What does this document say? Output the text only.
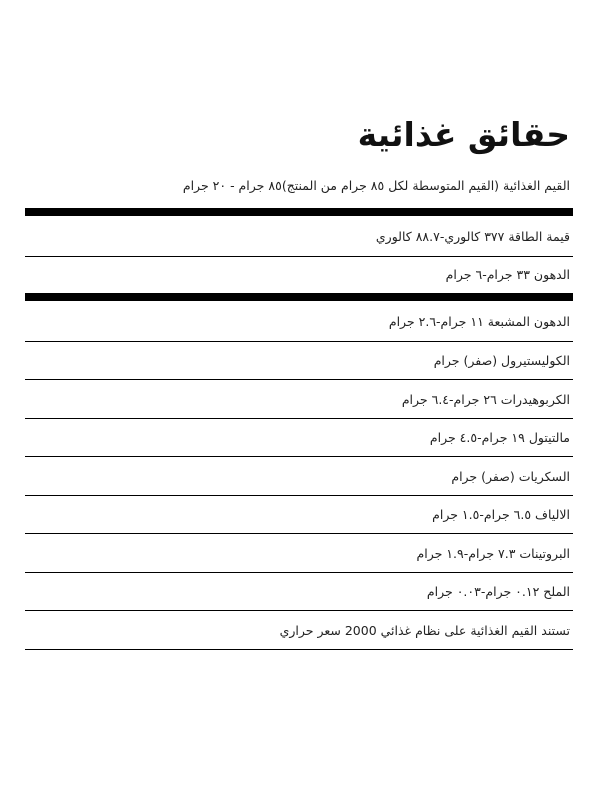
حقائق غذائية
القيم الغذائية (القيم المتوسطة لكل ٨٥ جرام من المنتج)٨٥ جرام - ٢٠ جرام
قيمة الطاقة ٣٧٧ كالوري-٨٨.٧ كالوري
الدهون ٣٣ جرام-٦ جرام
الدهون المشبعة ١١ جرام-٢.٦ جرام
الكوليستيرول (صفر) جرام
الكربوهيدرات ٢٦ جرام-٦.٤ جرام
مالتيتول ١٩ جرام-٤.٥ جرام
السكريات (صفر) جرام
الالياف ٦.٥ جرام-١.٥ جرام
البروتينات ٧.٣ جرام-١.٩ جرام
الملح ٠.١٢ جرام-٠.٠٣ جرام
تستند القيم الغذائية على نظام غذائي 2000 سعر حراري
